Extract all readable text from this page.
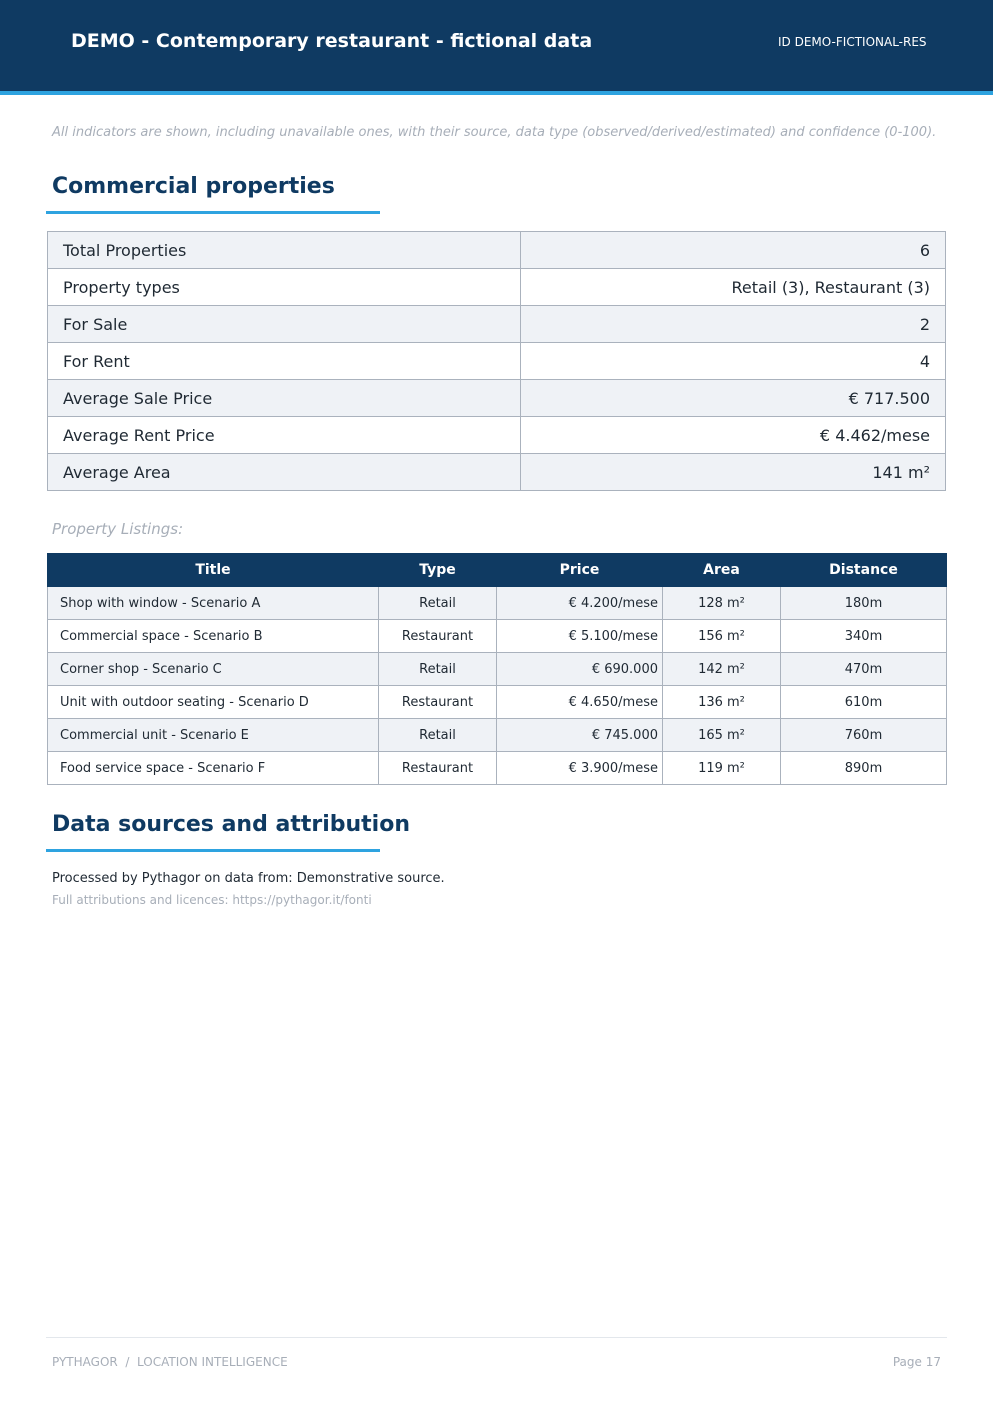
DEMO - Contemporary restaurant - fictional data	ID DEMO-FICTIONAL-RES

All indicators are shown, including unavailable ones, with their source, data type (observed/derived/estimated) and confidence (0-100).

Commercial properties
Total Properties	6
Property types	Retail (3), Restaurant (3)
For Sale	2
For Rent	4
Average Sale Price	€ 717.500
Average Rent Price	€ 4.462/mese
Average Area	141 m²
Property Listings:
Title	Type	Price	Area	Distance
Shop with window - Scenario A	Retail	€ 4.200/mese	128 m²	180m
Commercial space - Scenario B	Restaurant	€ 5.100/mese	156 m²	340m
Corner shop - Scenario C	Retail	€ 690.000	142 m²	470m
Unit with outdoor seating - Scenario D	Restaurant	€ 4.650/mese	136 m²	610m
Commercial unit - Scenario E	Retail	€ 745.000	165 m²	760m
Food service space - Scenario F	Restaurant	€ 3.900/mese	119 m²	890m
Data sources and attribution
Processed by Pythagor on data from: Demonstrative source.
Full attributions and licences: https://pythagor.it/fonti
PYTHAGOR  /  LOCATION INTELLIGENCE	Page 17
